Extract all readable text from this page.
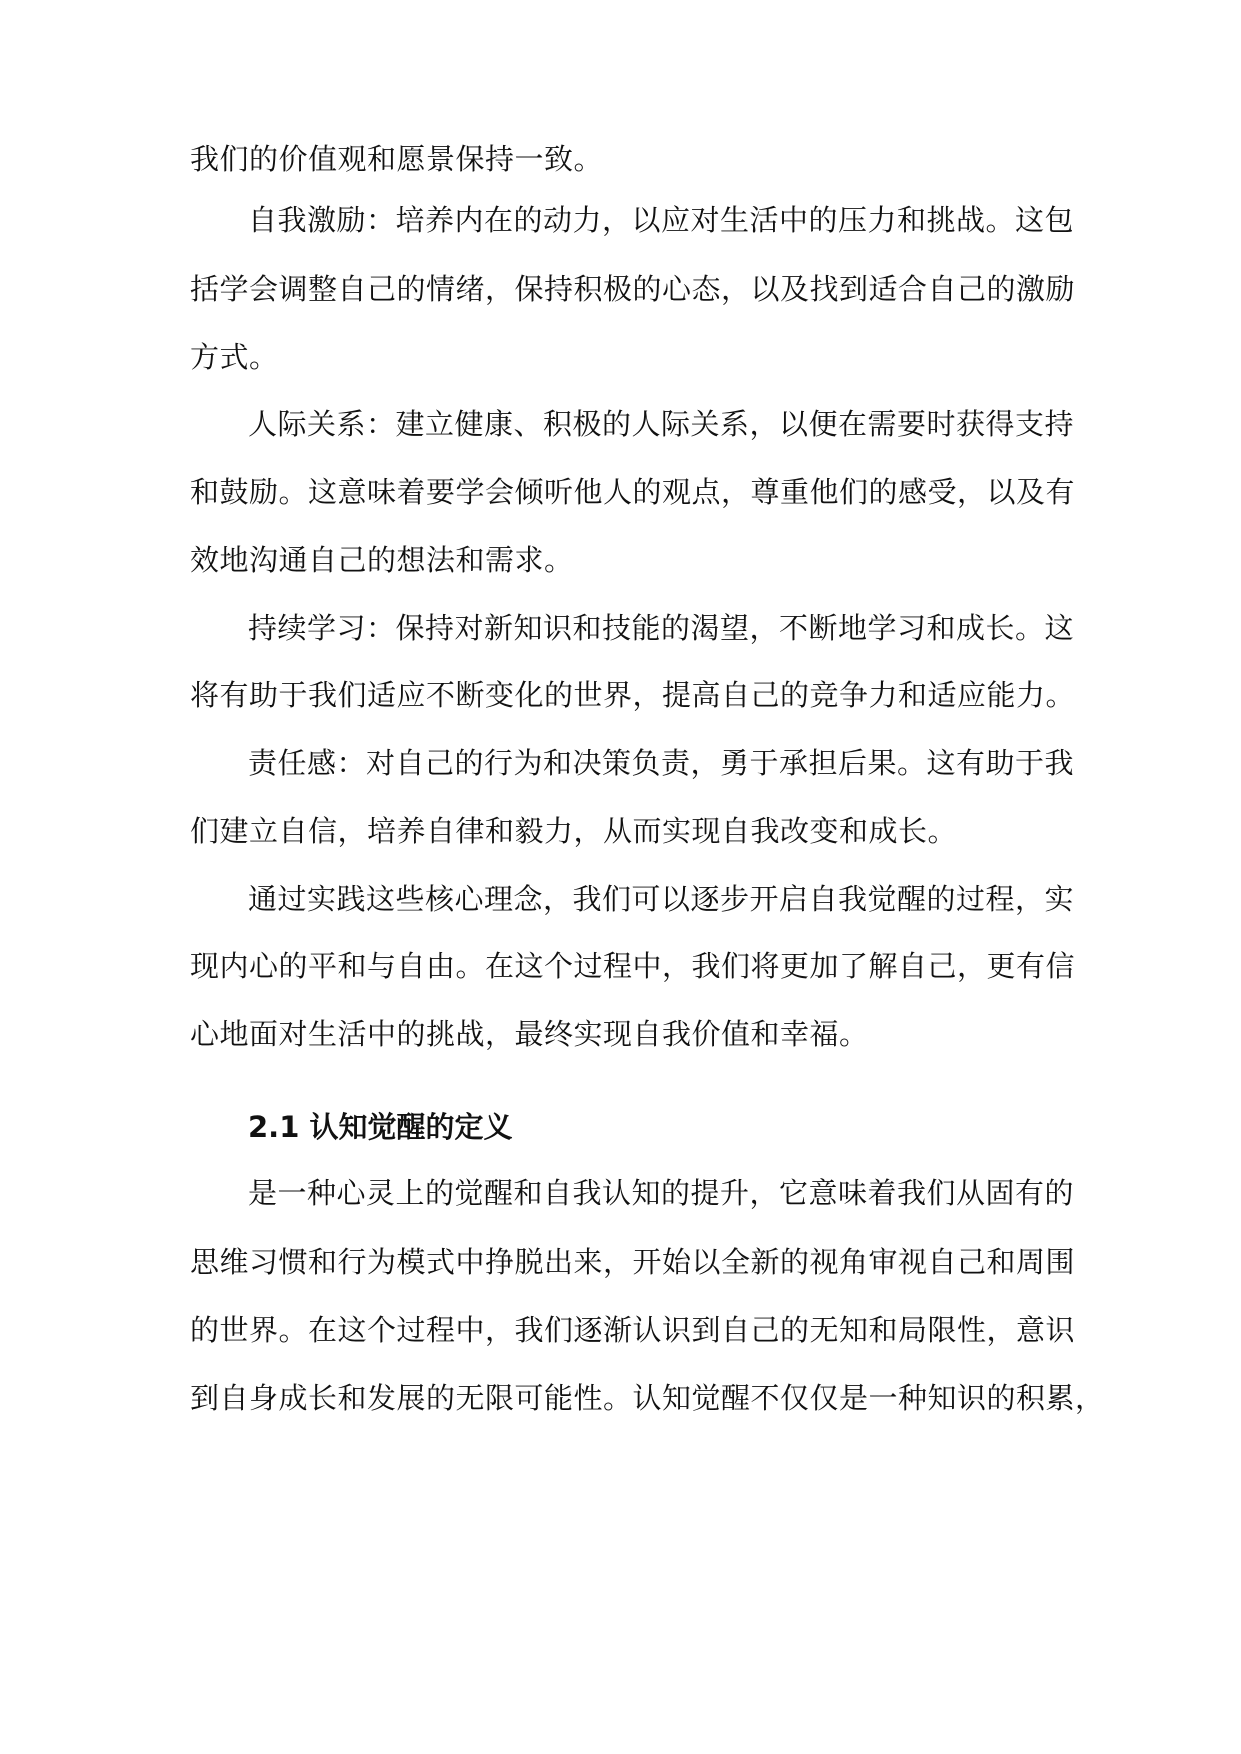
我们的价值观和愿景保持一致。
自我激励：培养内在的动力，以应对生活中的压力和挑战。这包
括学会调整自己的情绪，保持积极的心态，以及找到适合自己的激励
方式。
人际关系：建立健康、积极的人际关系，以便在需要时获得支持
和鼓励。这意味着要学会倾听他人的观点，尊重他们的感受，以及有
效地沟通自己的想法和需求。
持续学习：保持对新知识和技能的渴望，不断地学习和成长。这
将有助于我们适应不断变化的世界，提高自己的竞争力和适应能力。
责任感：对自己的行为和决策负责，勇于承担后果。这有助于我
们建立自信，培养自律和毅力，从而实现自我改变和成长。
通过实践这些核心理念，我们可以逐步开启自我觉醒的过程，实
现内心的平和与自由。在这个过程中，我们将更加了解自己，更有信
心地面对生活中的挑战，最终实现自我价值和幸福。
2.1 认知觉醒的定义
是一种心灵上的觉醒和自我认知的提升，它意味着我们从固有的
思维习惯和行为模式中挣脱出来，开始以全新的视角审视自己和周围
的世界。在这个过程中，我们逐渐认识到自己的无知和局限性，意识
到自身成长和发展的无限可能性。认知觉醒不仅仅是一种知识的积累，
